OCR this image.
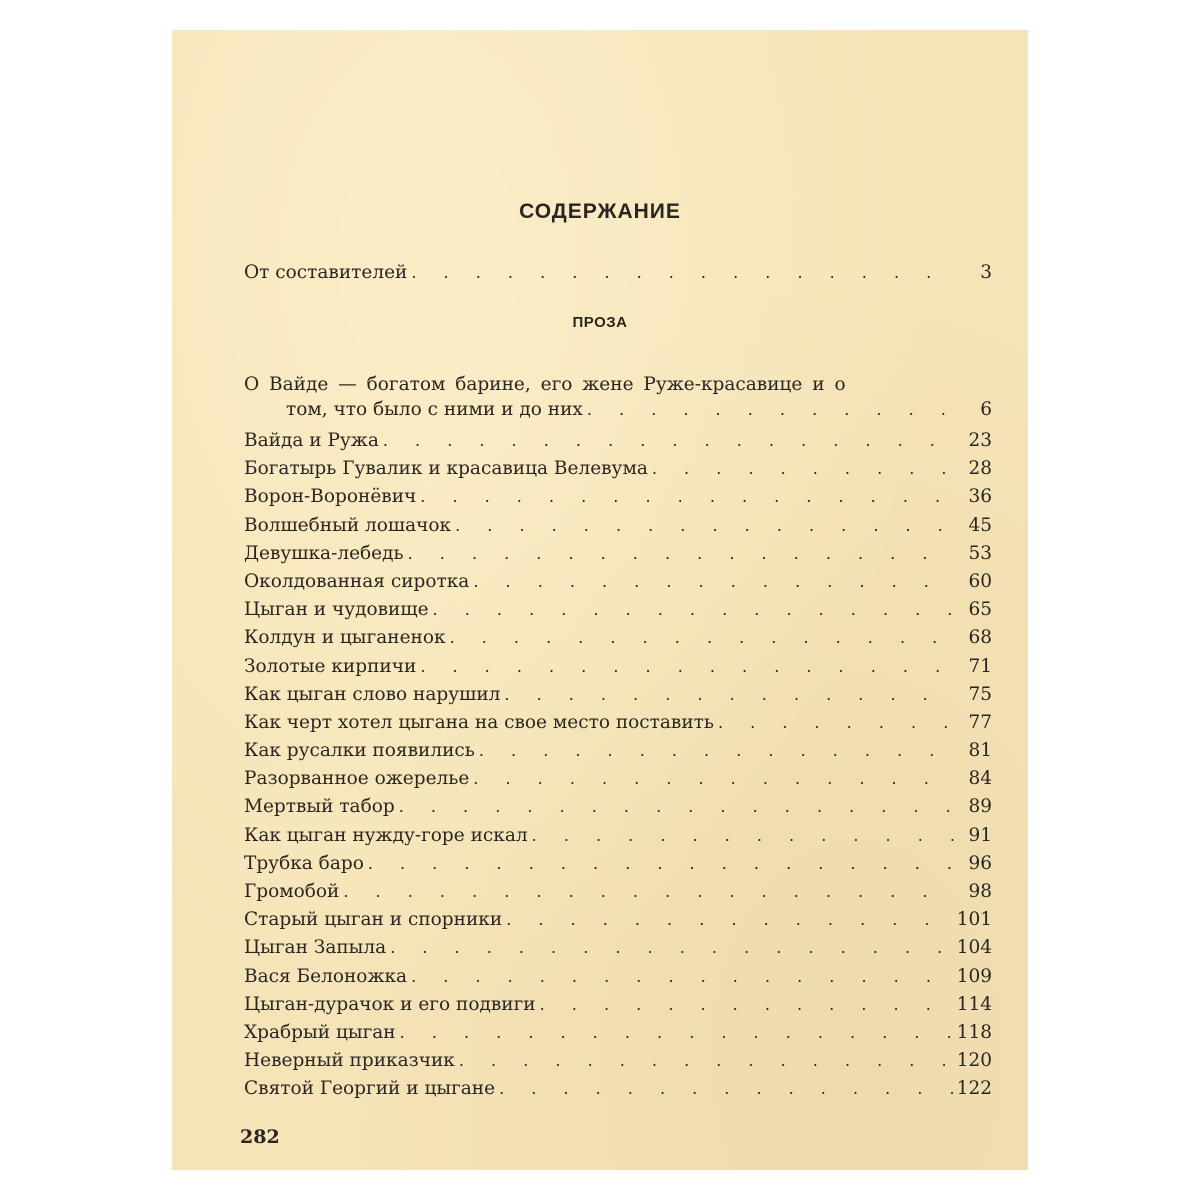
СОДЕРЖАНИЕ
От составителей . . .	3
ПРОЗА
О Вайде — богатом барине, его жене Руже-красавице и о
том, что было с ними и до них . . .	6
Вайда и Ружа . . .	23
Богатырь Гувалик и красавица Велевума . . .	28
Ворон-Воронёвич . . .	36
Волшебный лошачок . . .	45
Девушка-лебедь . . .	53
Околдованная сиротка . . .	60
Цыган и чудовище . . .	65
Колдун и цыганенок . . .	68
Золотые кирпичи . . .	71
Как цыган слово нарушил . . .	75
Как черт хотел цыгана на свое место поставить . . .	77
Как русалки появились . . .	81
Разорванное ожерелье . . .	84
Мертвый табор . . .	89
Как цыган нужду-горе искал . . .	91
Трубка баро . . .	96
Громобой . . .	98
Старый цыган и спорники . . .	101
Цыган Запыла . . .	104
Вася Белоножка . . .	109
Цыган-дурачок и его подвиги . . .	114
Храбрый цыган . . .	118
Неверный приказчик . . .	120
Святой Георгий и цыгане . . .	122
282
